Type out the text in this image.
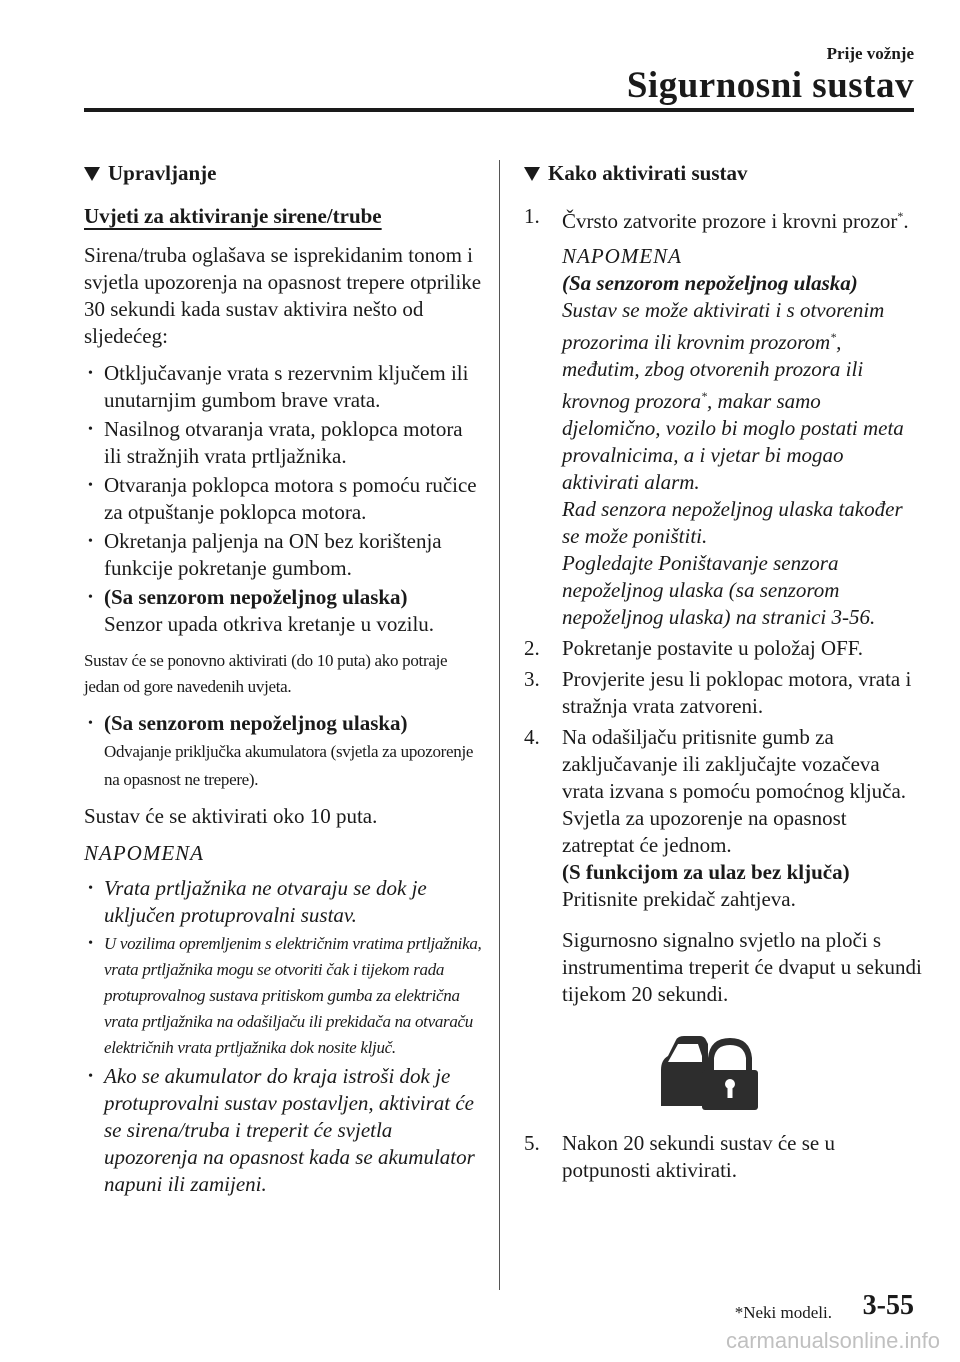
Prije vožnje
Sigurnosni sustav
Upravljanje
Uvjeti za aktiviranje sirene/trube

Sirena/truba oglašava se isprekidanim tonom i svjetla upozorenja na opasnost trepere otprilike 30 sekundi kada sustav aktivira nešto od sljedećeg:

• Otključavanje vrata s rezervnim ključem ili unutarnjim gumbom brave vrata.
• Nasilnog otvaranja vrata, poklopca motora ili stražnjih vrata prtljažnika.
• Otvaranja poklopca motora s pomoću ručice za otpuštanje poklopca motora.
• Okretanja paljenja na ON bez korištenja funkcije pokretanje gumbom.
• (Sa senzorom nepoželjnog ulaska)
Senzor upada otkriva kretanje u vozilu.

Sustav će se ponovno aktivirati (do 10 puta) ako potraje jedan od gore navedenih uvjeta.

• (Sa senzorom nepoželjnog ulaska)
Odvajanje priključka akumulatora (svjetla za upozorenje na opasnost ne trepere).

Sustav će se aktivirati oko 10 puta.

NAPOMENA
• Vrata prtljažnika ne otvaraju se dok je uključen protuprovalni sustav.
• U vozilima opremljenim s električnim vratima prtljažnika, vrata prtljažnika mogu se otvoriti čak i tijekom rada protuprovalnog sustava pritiskom gumba za električna vrata prtljažnika na odašiljaču ili prekidača na otvaraču električnih vrata prtljažnika dok nosite ključ.
• Ako se akumulator do kraja istroši dok je protuprovalni sustav postavljen, aktivirat će se sirena/truba i treperit će svjetla upozorenja na opasnost kada se akumulator napuni ili zamijeni.
Kako aktivirati sustav
1. Čvrsto zatvorite prozore i krovni prozor*.
NAPOMENA
(Sa senzorom nepoželjnog ulaska)
Sustav se može aktivirati i s otvorenim prozorima ili krovnim prozorom*, međutim, zbog otvorenih prozora ili krovnog prozora*, makar samo djelomično, vozilo bi moglo postati meta provalnicima, a i vjetar bi mogao aktivirati alarm.
Rad senzora nepoželjnog ulaska također se može poništiti.
Pogledajte Poništavanje senzora nepoželjnog ulaska (sa senzorom nepoželjnog ulaska) na stranici 3-56.
2. Pokretanje postavite u položaj OFF.
3. Provjerite jesu li poklopac motora, vrata i stražnja vrata zatvoreni.
4. Na odašiljaču pritisnite gumb za zaključavanje ili zaključajte vozačeva vrata izvana s pomoću pomoćnog ključa.
Svjetla za upozorenje na opasnost zatreptat će jednom.
(S funkcijom za ulaz bez ključa)
Pritisnite prekidač zahtjeva.
Sigurnosno signalno svjetlo na ploči s instrumentima treperit će dvaput u sekundi tijekom 20 sekundi.
5. Nakon 20 sekundi sustav će se u potpunosti aktivirati.
*Neki modeli. 3-55
carmanualsonline.info
